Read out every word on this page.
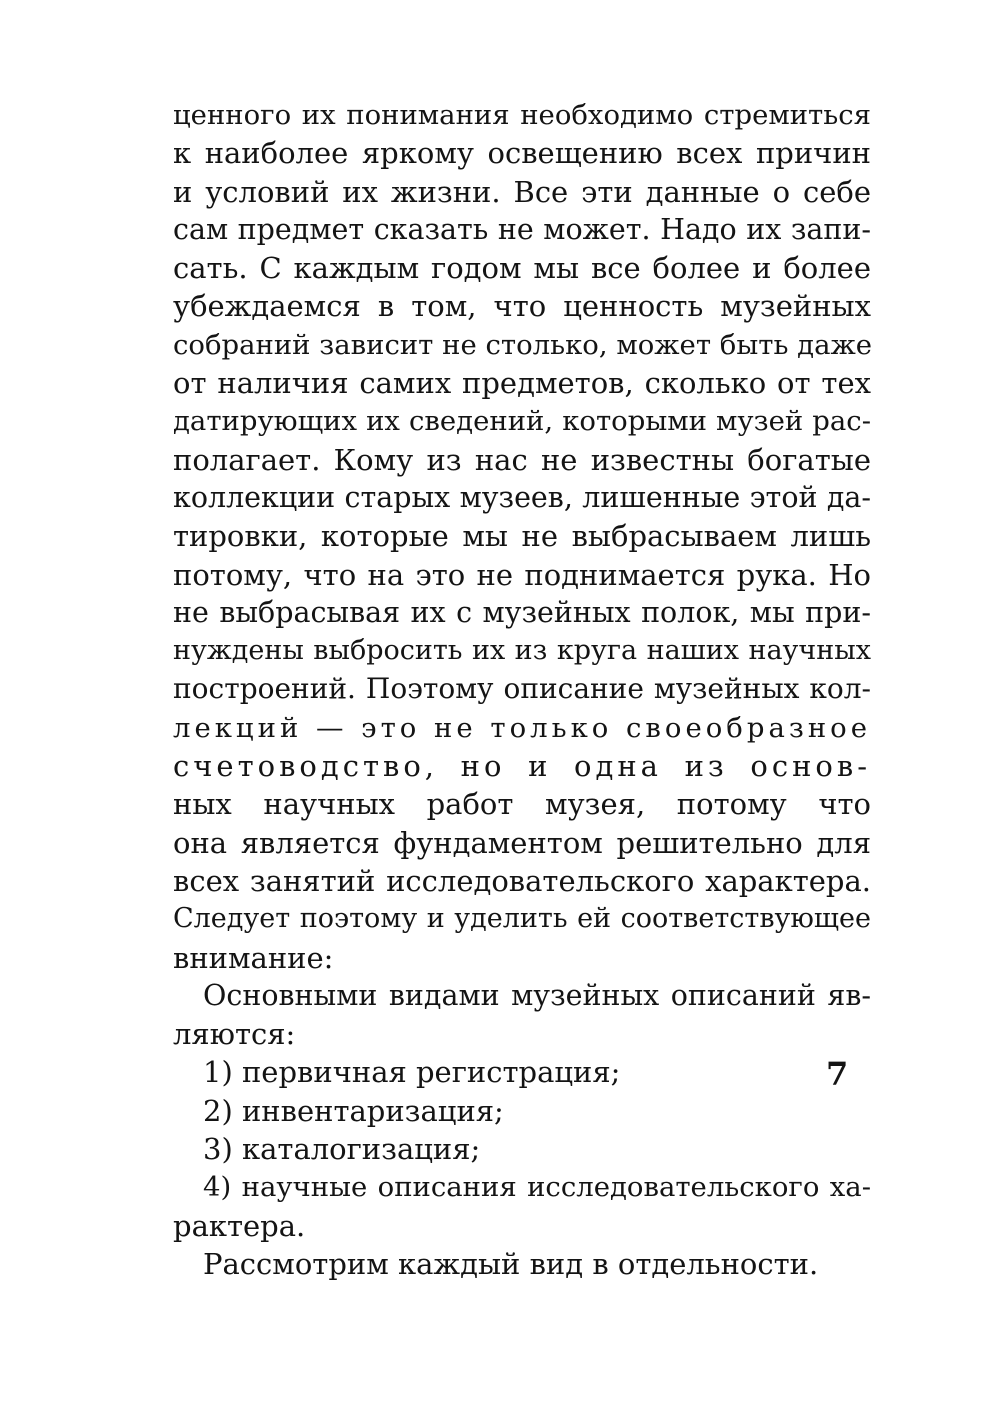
ценного их понимания необходимо стремиться
к наиболее яркому освещению всех причин
и условий их жизни. Все эти данные о себе
сам предмет сказать не может. Надо их запи-
сать. С каждым годом мы все более и более
убеждаемся в том, что ценность музейных
собраний зависит не столько, может быть даже
от наличия самих предметов, сколько от тех
датирующих их сведений, которыми музей рас-
полагает. Кому из нас не известны богатые
коллекции старых музеев, лишенные этой да-
тировки, которые мы не выбрасываем лишь
потому, что на это не поднимается рука. Но
не выбрасывая их с музейных полок, мы при-
нуждены выбросить их из круга наших научных
построений. Поэтому описание музейных кол-
лекций — это не только своеобразное
счетоводство, но и одна из основ-
ных научных работ музея, потому что
она является фундаментом решительно для
всех занятий исследовательского характера.
Следует поэтому и уделить ей соответствующее
внимание:
Основными видами музейных описаний яв-
ляются:
1) первичная регистрация;
2) инвентаризация;
3) каталогизация;
4) научные описания исследовательского ха-
рактера.
Рассмотрим каждый вид в отдельности.
7
